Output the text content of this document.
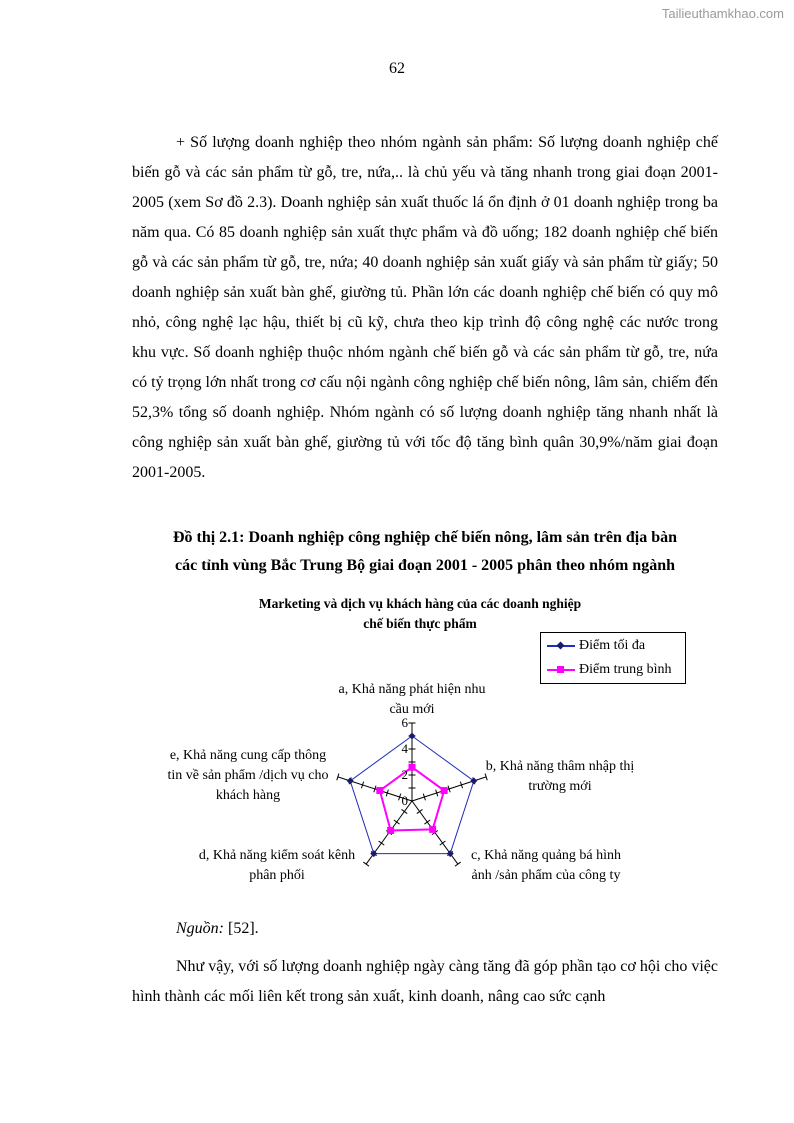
Tailieuthamkhao.com
62

+ Số lượng doanh nghiệp theo nhóm ngành sản phẩm: Số lượng doanh nghiệp chế biến gỗ và các sản phẩm từ gỗ, tre, nứa,.. là chủ yếu và tăng nhanh trong giai đoạn 2001- 2005 (xem Sơ đồ 2.3). Doanh nghiệp sản xuất thuốc lá ổn định ở 01 doanh nghiệp trong ba năm qua. Có 85 doanh nghiệp sản xuất thực phẩm và đồ uống; 182 doanh nghiệp chế biến gỗ và các sản phẩm từ gỗ, tre, nứa; 40 doanh nghiệp sản xuất giấy và sản phẩm từ giấy; 50 doanh nghiệp sản xuất bàn ghế, giường tủ. Phần lớn các doanh nghiệp chế biến có quy mô nhỏ, công nghệ lạc hậu, thiết bị cũ kỹ, chưa theo kịp trình độ công nghệ các nước trong khu vực. Số doanh nghiệp thuộc nhóm ngành chế biến gỗ và các sản phẩm từ gỗ, tre, nứa có tỷ trọng lớn nhất trong cơ cấu nội ngành công nghiệp chế biến nông, lâm sản, chiếm đến 52,3% tổng số doanh nghiệp. Nhóm ngành có số lượng doanh nghiệp tăng nhanh nhất là công nghiệp sản xuất bàn ghế, giường tủ với tốc độ tăng bình quân 30,9%/năm giai đoạn 2001-2005.

Đồ thị 2.1: Doanh nghiệp công nghiệp chế biến nông, lâm sản trên địa bàn
các tỉnh vùng Bắc Trung Bộ giai đoạn 2001 - 2005 phân theo nhóm ngành
Marketing và dịch vụ khách hàng của các doanh nghiệp
chế biến thực phẩm
0
2
4
6
a, Khả năng phát hiện nhu
cầu mới
b, Khả năng thâm nhập thị
trường mới
c, Khả năng quảng bá hình
ảnh /sản phẩm của công ty
d, Khả năng kiểm soát kênh
phân phối
e, Khả năng cung cấp thông
tin về sản phẩm /dịch vụ cho
khách hàng
Điểm tối đa
Điểm trung bình
Nguồn: [52].

Như vậy, với số lượng doanh nghiệp ngày càng tăng đã góp phần tạo cơ hội cho việc hình thành các mối liên kết trong sản xuất, kinh doanh, nâng cao sức cạnh
